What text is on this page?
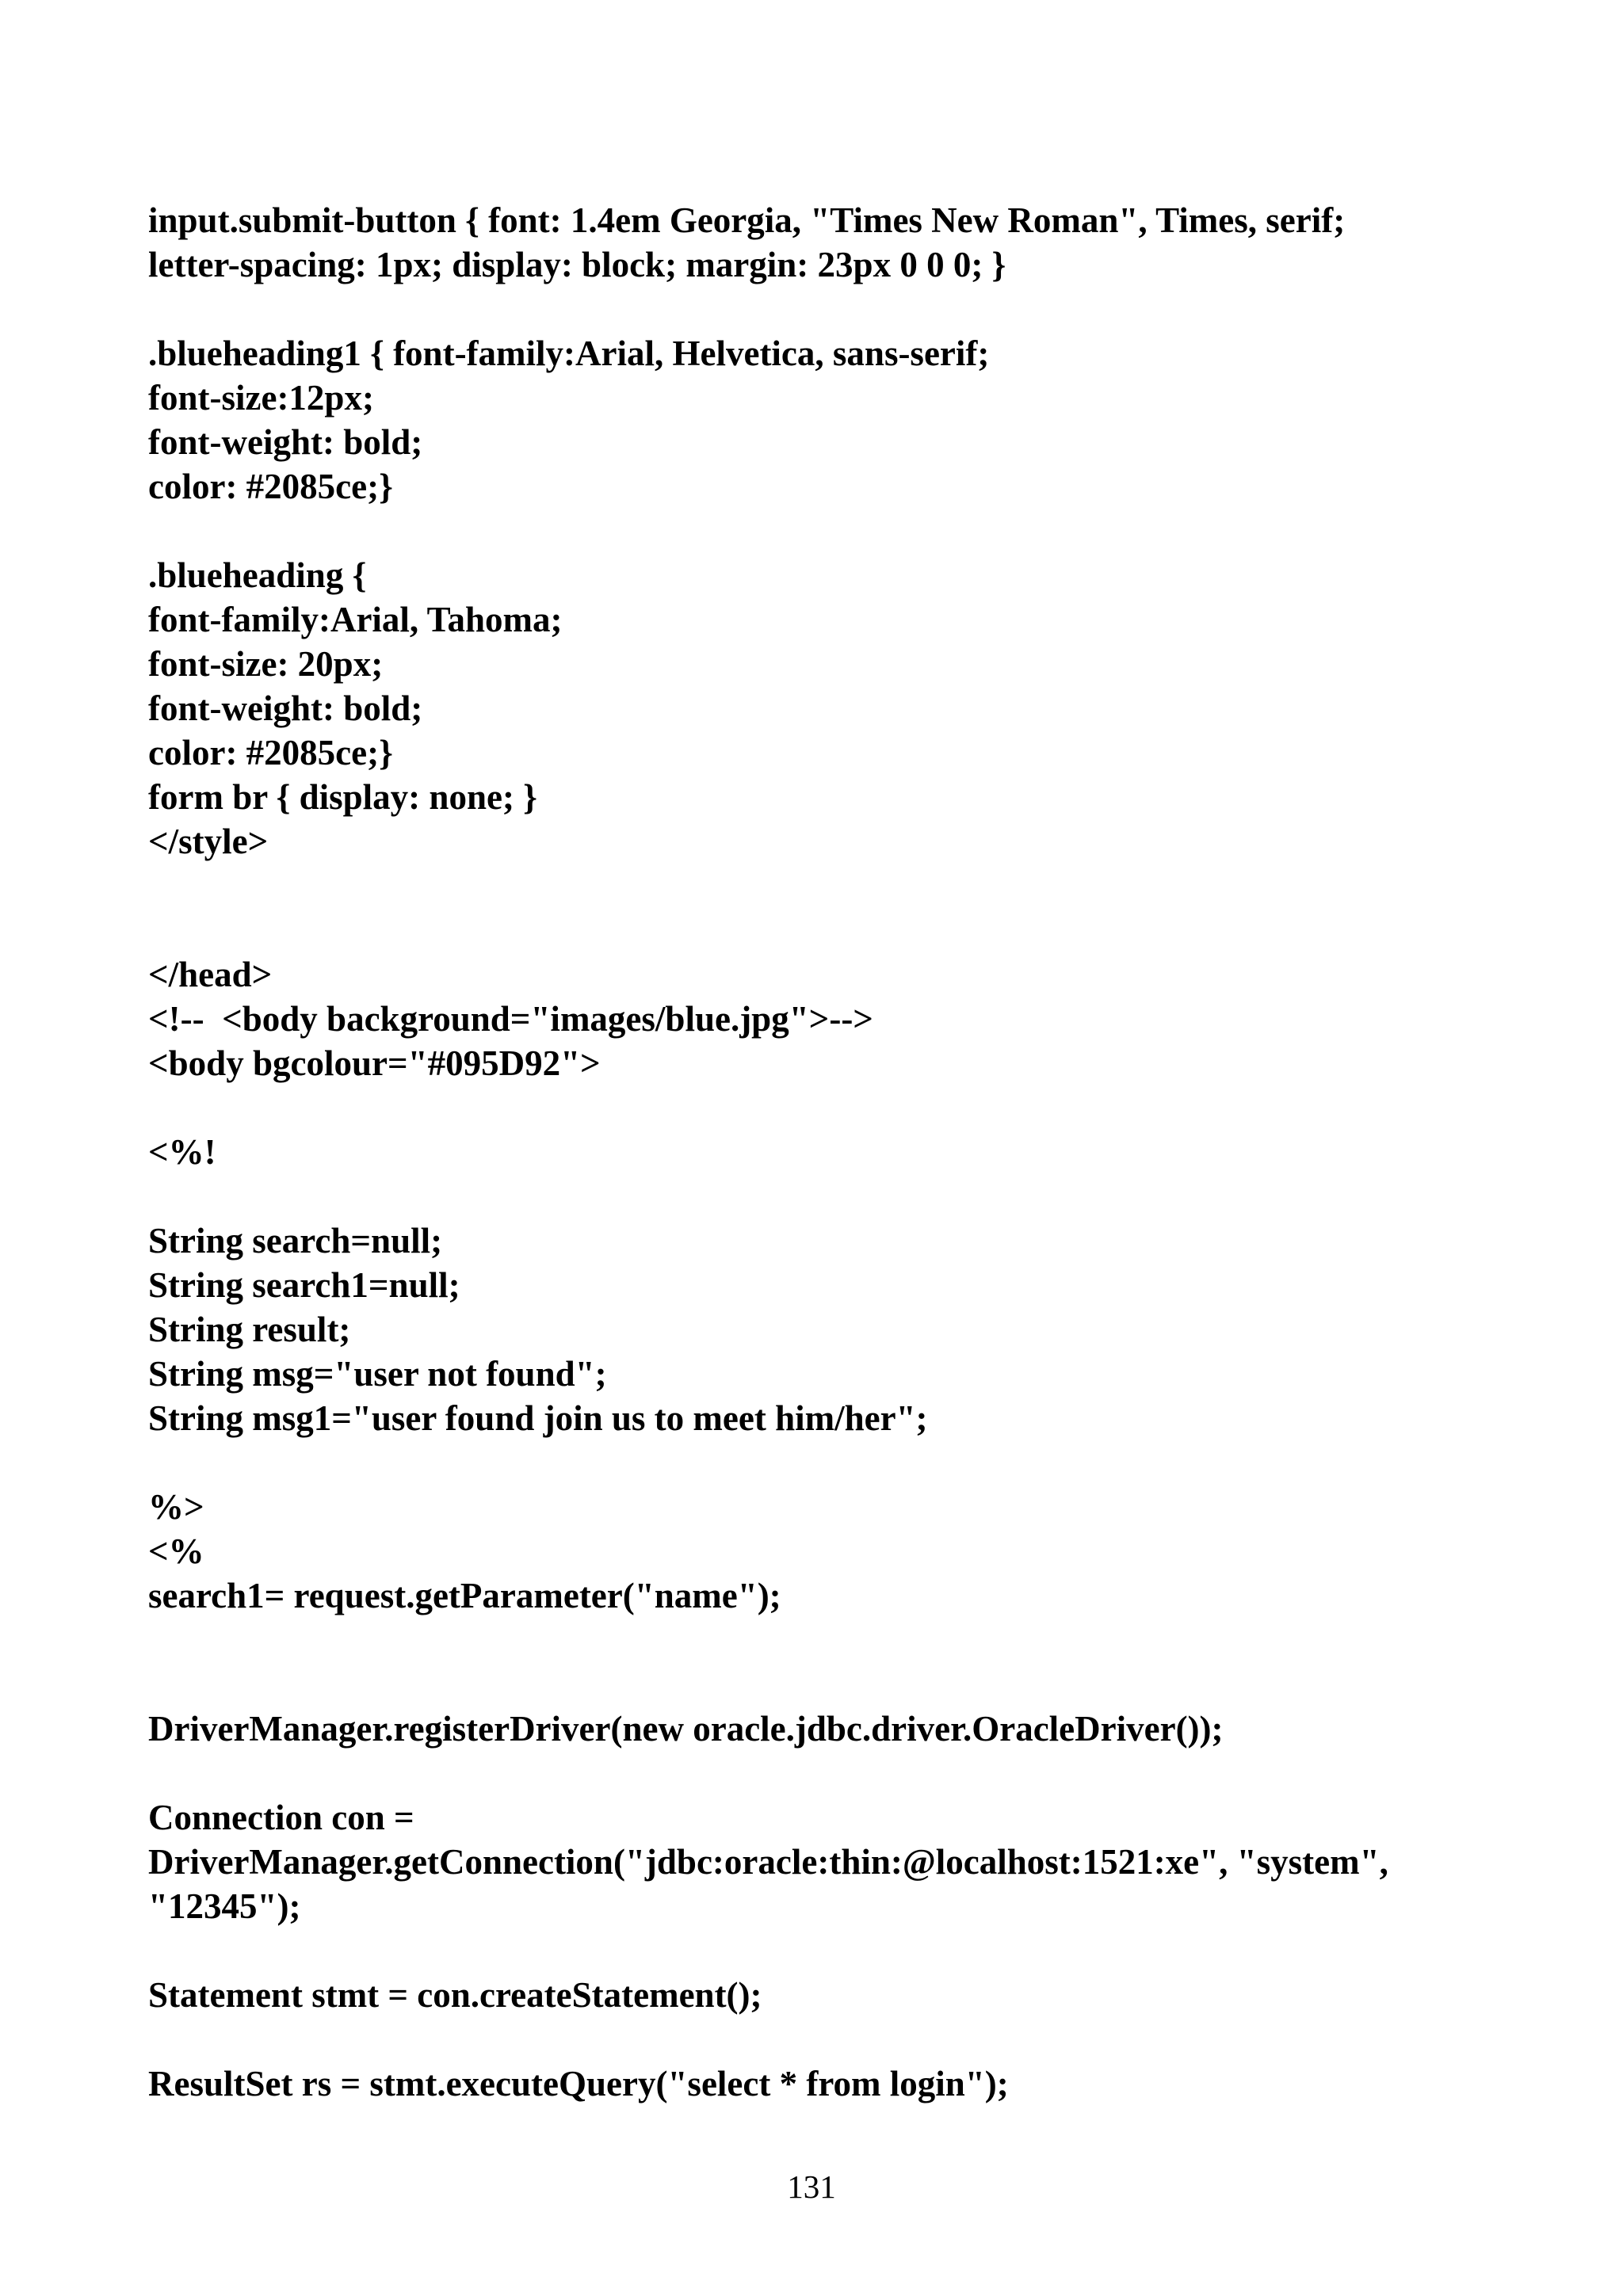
input.submit-button { font: 1.4em Georgia, "Times New Roman", Times, serif;

letter-spacing: 1px; display: block; margin: 23px 0 0 0; }

.blueheading1 { font-family:Arial, Helvetica, sans-serif;

font-size:12px;

font-weight: bold;

color: #2085ce;}

.blueheading {

font-family:Arial, Tahoma;

font-size: 20px;

font-weight: bold;

color: #2085ce;}

form br { display: none; }

</style>

</head>

<!--  <body background="images/blue.jpg">-->

<body bgcolour="#095D92">

<%!

String search=null;

String search1=null;

String result;

String msg="user not found";

String msg1="user found join us to meet him/her";

%>

<%

search1= request.getParameter("name");

DriverManager.registerDriver(new oracle.jdbc.driver.OracleDriver());

Connection con =

DriverManager.getConnection("jdbc:oracle:thin:@localhost:1521:xe", "system",

"12345");

Statement stmt = con.createStatement();

ResultSet rs = stmt.executeQuery("select * from login");

131
